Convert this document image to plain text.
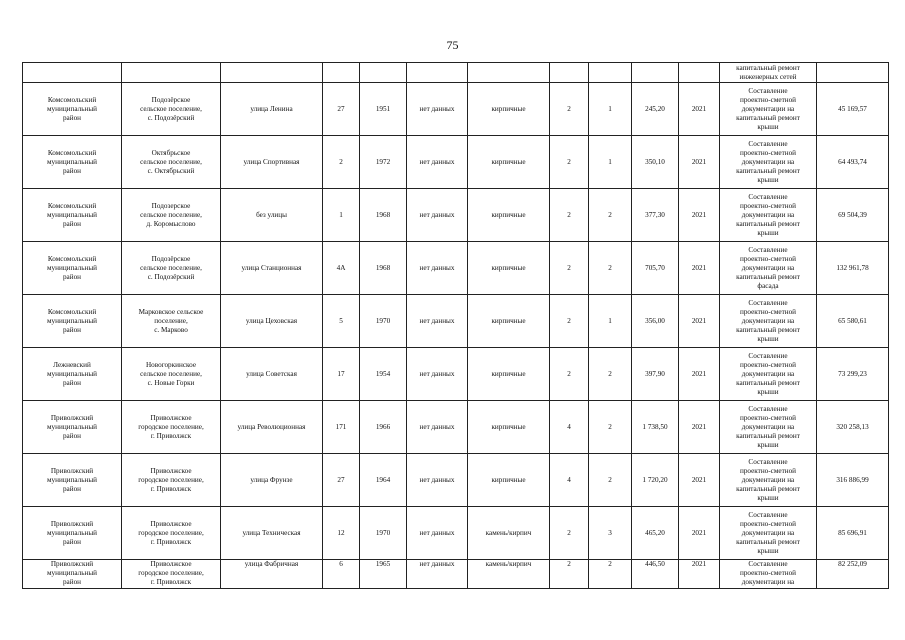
75
											капитальный ремонт
инженерных сетей	
Комсомольский
муниципальный
район	Подозёрское
сельское поселение,
с. Подозёрский	улица Ленина	27	1951	нет данных	кирпичные	2	1	245,20	2021	Составление
проектно-сметной
документации на
капитальный ремонт
крыши	45 169,57
Комсомольский
муниципальный
район	Октябрьское
сельское поселение,
с. Октябрьский	улица Спортивная	2	1972	нет данных	кирпичные	2	1	350,10	2021	Составление
проектно-сметной
документации на
капитальный ремонт
крыши	64 493,74
Комсомольский
муниципальный
район	Подозерское
сельское поселение,
д. Коромыслово	без улицы	1	1968	нет данных	кирпичные	2	2	377,30	2021	Составление
проектно-сметной
документации на
капитальный ремонт
крыши	69 504,39
Комсомольский
муниципальный
район	Подозёрское
сельское поселение,
с. Подозёрский	улица Станционная	4А	1968	нет данных	кирпичные	2	2	705,70	2021	Составление
проектно-сметной
документации на
капитальный ремонт
фасада	132 961,78
Комсомольский
муниципальный
район	Марковское сельское
поселение,
с. Марково	улица Цеховская	5	1970	нет данных	кирпичные	2	1	356,00	2021	Составление
проектно-сметной
документации на
капитальный ремонт
крыши	65 580,61
Лежневский
муниципальный
район	Новогоркинское
сельское поселение,
с. Новые Горки	улица Советская	17	1954	нет данных	кирпичные	2	2	397,90	2021	Составление
проектно-сметной
документации на
капитальный ремонт
крыши	73 299,23
Приволжский
муниципальный
район	Приволжское
городское поселение,
г. Приволжск	улица Революционная	171	1966	нет данных	кирпичные	4	2	1 738,50	2021	Составление
проектно-сметной
документации на
капитальный ремонт
крыши	320 258,13
Приволжский
муниципальный
район	Приволжское
городское поселение,
г. Приволжск	улица Фрунзе	27	1964	нет данных	кирпичные	4	2	1 720,20	2021	Составление
проектно-сметной
документации на
капитальный ремонт
крыши	316 886,99
Приволжский
муниципальный
район	Приволжское
городское поселение,
г. Приволжск	улица Техническая	12	1970	нет данных	камень/кирпич	2	3	465,20	2021	Составление
проектно-сметной
документации на
капитальный ремонт
крыши	85 696,91
Приволжский
муниципальный
район	Приволжское
городское поселение,
г. Приволжск	улица Фабричная	6	1965	нет данных	камень/кирпич	2	2	446,50	2021	Составление
проектно-сметной
документации на	82 252,09
